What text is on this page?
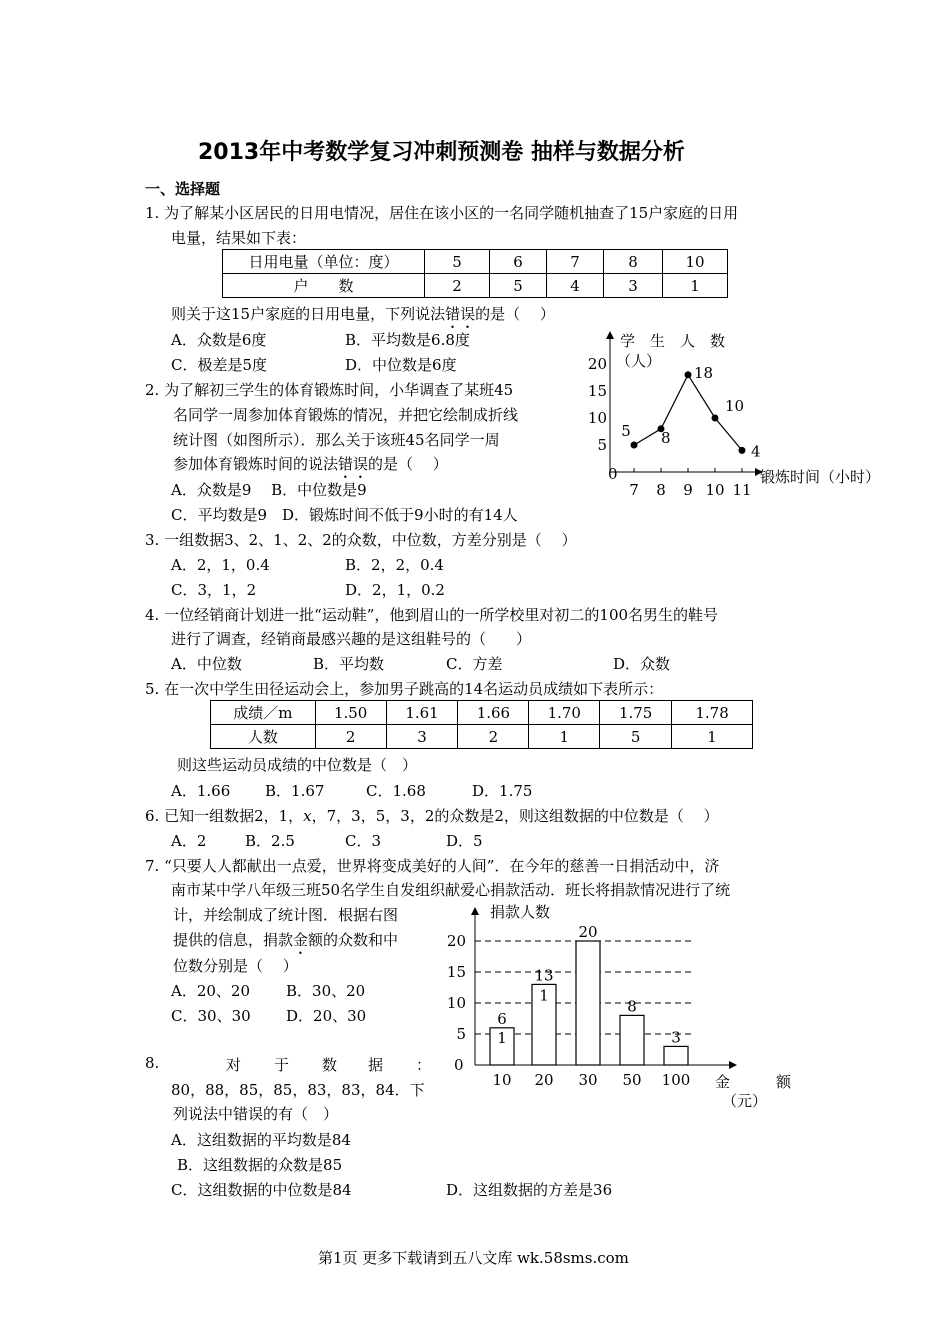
2013年中考数学复习冲刺预测卷 抽样与数据分析
一、选择题
1. 为了解某小区居民的日用电情况，居住在该小区的一名同学随机抽查了15户家庭的日用
电量，结果如下表：
日用电量（单位：度）	5	6	7	8	10
户　　数	2	5	4	3	1
则关于这15户家庭的日用电量，下列说法错误的是（　 ）
A．众数是6度	B．平均数是6.8度
C．极差是5度	D．中位数是6度
2. 为了解初三学生的体育锻炼时间，小华调查了某班45
名同学一周参加体育锻炼的情况，并把它绘制成折线
统计图（如图所示）．那么关于该班45名同学一周
参加体育锻炼时间的说法错误的是（　 ）
A．众数是9　 B．中位数是9
C．平均数是9　D．锻炼时间不低于9小时的有14人
学　生　人　数
（人）
锻炼时间（小时）
0
5
10
15
20
7 8 9 10 11
5 8
18
10
4
3. 一组数据3、2、1、2、2的众数，中位数，方差分别是（　 ）
A．2，1，0.4	B．2，2，0.4
C．3，1，2	D．2，1，0.2
4. 一位经销商计划进一批“运动鞋”，他到眉山的一所学校里对初二的100名男生的鞋号
进行了调查，经销商最感兴趣的是这组鞋号的（　　）
A．中位数	B．平均数	C．方差	D．众数
5. 在一次中学生田径运动会上，参加男子跳高的14名运动员成绩如下表所示：
成绩／m	1.50	1.61	1.66	1.70	1.75	1.78
人数	2	3	2	1	5	1
则这些运动员成绩的中位数是（　）
A．1.66 B．1.67	C．1.68	D．1.75
6. 已知一组数据2，1，x，7，3，5，3，2的众数是2，则这组数据的中位数是（　 ）
A．2	B．2.5	C．3	D．5
7. “只要人人都献出一点爱，世界将变成美好的人间”．在今年的慈善一日捐活动中，济
南市某中学八年级三班50名学生自发组织献爱心捐款活动．班长将捐款情况进行了统
计，并绘制成了统计图．根据右图
提供的信息，捐款金额的众数和中
位数分别是（　 ）
A．20、20 B．30、20
C．30、30 D．20、30
捐款人数
0
金	额
（元）
5
10
15
20
6
10
13
20
20
30
8
50
3
100
1
1
8.	对 于 数 据 ：
80，88，85，85，83，83，84．下
列说法中错误的有（　）
A．这组数据的平均数是84
B．这组数据的众数是85
C．这组数据的中位数是84	D．这组数据的方差是36
第1页 更多下载请到五八文库 wk.58sms.com
